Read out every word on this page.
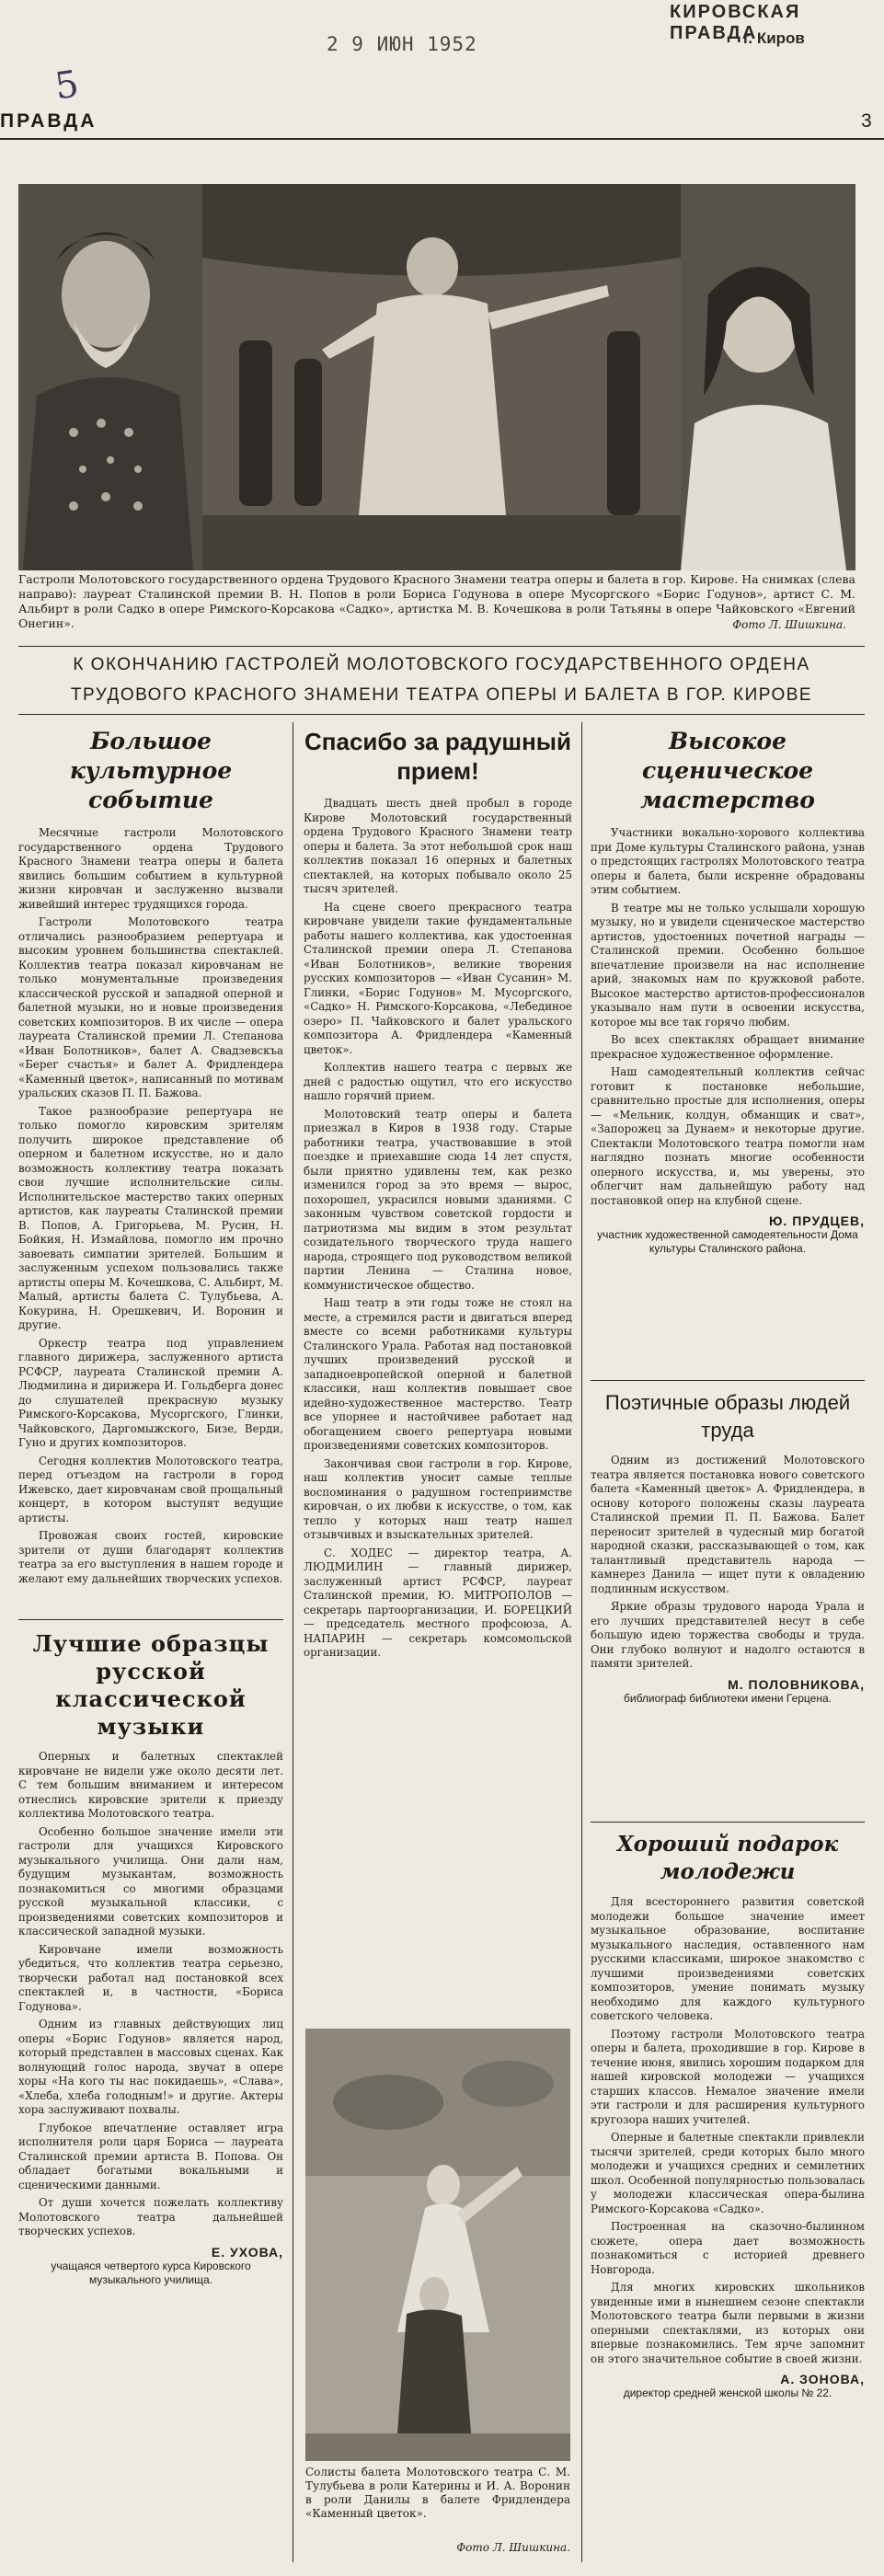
2 9 ИЮН 1952
КИРОВСКАЯ ПРАВДА
г. Киров
5
ПРАВДА	3
Гастроли Молотовского государственного ордена Трудового Красного Знамени театра оперы и балета в гор. Кирове. На снимках (слева направо): лауреат Сталинской премии В. Н. Попов в роли Бориса Годунова в опере Мусоргского «Борис Годунов», артист С. М. Альбирт в роли Садко в опере Римского-Корсакова «Садко», артистка М. В. Кочешкова в роли Татьяны в опере Чайковского «Евгений Онегин».	Фото Л. Шишкина.
К ОКОНЧАНИЮ ГАСТРОЛЕЙ МОЛОТОВСКОГО ГОСУДАРСТВЕННОГО ОРДЕНА
ТРУДОВОГО КРАСНОГО ЗНАМЕНИ ТЕАТРА ОПЕРЫ И БАЛЕТА В ГОР. КИРОВЕ
Большое культурное событие

Месячные гастроли Молотовского государственного ордена Трудового Красного Знамени театра оперы и балета явились большим событием в культурной жизни кировчан и заслуженно вызвали живейший интерес трудящихся города.

Гастроли Молотовского театра отличались разнообразием репертуара и высоким уровнем большинства спектаклей. Коллектив театра показал кировчанам не только монументальные произведения классической русской и западной оперной и балетной музыки, но и новые произведения советских композиторов. В их числе — опера лауреата Сталинской премии Л. Степанова «Иван Болотников», балет А. Свадзевскъа «Берег счастья» и балет А. Фридлендера «Каменный цветок», написанный по мотивам уральских сказов П. П. Бажова.

Такое разнообразие репертуара не только помогло кировским зрителям получить широкое представление об оперном и балетном искусстве, но и дало возможность коллективу театра показать свои лучшие исполнительские силы. Исполнительское мастерство таких оперных артистов, как лауреаты Сталинской премии В. Попов, А. Григорьева, М. Русин, Н. Бойкия, Н. Измайлова, помогло им прочно завоевать симпатии зрителей. Большим и заслуженным успехом пользовались также артисты оперы М. Кочешкова, С. Альбирт, М. Малый, артисты балета С. Тулубьева, А. Кокурина, Н. Орешкевич, И. Воронин и другие.

Оркестр театра под управлением главного дирижера, заслуженного артиста РСФСР, лауреата Сталинской премии А. Людмилина и дирижера И. Гольдберга донес до слушателей прекрасную музыку Римского-Корсакова, Мусоргского, Глинки, Чайковского, Даргомыжского, Бизе, Верди, Гуно и других композиторов.

Сегодня коллектив Молотовского театра, перед отъездом на гастроли в город Ижевско, дает кировчанам свой прощальный концерт, в котором выступят ведущие артисты.

Провожая своих гостей, кировские зрители от души благодарят коллектив театра за его выступления в нашем городе и желают ему дальнейших творческих успехов.

Лучшие образцы русской классической музыки

Оперных и балетных спектаклей кировчане не видели уже около десяти лет. С тем большим вниманием и интересом отнеслись кировские зрители к приезду коллектива Молотовского театра.

Особенно большое значение имели эти гастроли для учащихся Кировского музыкального училища. Они дали нам, будущим музыкантам, возможность познакомиться со многими образцами русской музыкальной классики, с произведениями советских композиторов и классической западной музыки.

Кировчане имели возможность убедиться, что коллектив театра серьезно, творчески работал над постановкой всех спектаклей и, в частности, «Бориса Годунова».

Одним из главных действующих лиц оперы «Борис Годунов» является народ, который представлен в массовых сценах. Как волнующий голос народа, звучат в опере хоры «На кого ты нас покидаешь», «Слава», «Хлеба, хлеба голодным!» и другие. Актеры хора заслуживают похвалы.

Глубокое впечатление оставляет игра исполнителя роли царя Бориса — лауреата Сталинской премии артиста В. Попова. Он обладает богатыми вокальными и сценическими данными.

От души хочется пожелать коллективу Молотовского театра дальнейшей творческих успехов.

Е. УХОВА,
учащаяся четвертого курса Кировского музыкального училища.
Спасибо за радушный прием!

Двадцать шесть дней пробыл в городе Кирове Молотовский государственный ордена Трудового Красного Знамени театр оперы и балета. За этот небольшой срок наш коллектив показал 16 оперных и балетных спектаклей, на которых побывало около 25 тысяч зрителей.

На сцене своего прекрасного театра кировчане увидели такие фундаментальные работы нашего коллектива, как удостоенная Сталинской премии опера Л. Степанова «Иван Болотников», великие творения русских композиторов — «Иван Сусанин» М. Глинки, «Борис Годунов» М. Мусоргского, «Садко» Н. Римского-Корсакова, «Лебединое озеро» П. Чайковского и балет уральского композитора А. Фридлендера «Каменный цветок».

Коллектив нашего театра с первых же дней с радостью ощутил, что его искусство нашло горячий прием.

Молотовский театр оперы и балета приезжал в Киров в 1938 году. Старые работники театра, участвовавшие в этой поездке и приехавшие сюда 14 лет спустя, были приятно удивлены тем, как резко изменился город за это время — вырос, похорошел, украсился новыми зданиями. С законным чувством советской гордости и патриотизма мы видим в этом результат созидательного творческого труда нашего народа, строящего под руководством великой партии Ленина — Сталина новое, коммунистическое общество.

Наш театр в эти годы тоже не стоял на месте, а стремился расти и двигаться вперед вместе со всеми работниками культуры Сталинского Урала. Работая над постановкой лучших произведений русской и западноевропейской оперной и балетной классики, наш коллектив повышает свое идейно-художественное мастерство. Театр все упорнее и настойчивее работает над обогащением своего репертуара новыми произведениями советских композиторов.

Закончивая свои гастроли в гор. Кирове, наш коллектив уносит самые теплые воспоминания о радушном гостеприимстве кировчан, о их любви к искусстве, о том, как тепло у которых наш театр нашел отзывчивых и взыскательных зрителей.

С. ХОДЕС — директор театра, А. ЛЮДМИЛИН — главный дирижер, заслуженный артист РСФСР, лауреат Сталинской премии, Ю. МИТРОПОЛОВ — секретарь партоорганизации, И. БОРЕЦКИЙ — председатель местного профсоюза, А. НАПАРИН — секретарь комсомольской организации.

Солисты балета Молотовского театра С. М. Тулубьева в роли Катерины и И. А. Воронин в роли Данилы в балете Фридлендера «Каменный цветок».
Фото Л. Шишкина.
Высокое сценическое мастерство

Участники вокально-хорового коллектива при Доме культуры Сталинского района, узнав о предстоящих гастролях Молотовского театра оперы и балета, были искренне обрадованы этим событием.

В театре мы не только услышали хорошую музыку, но и увидели сценическое мастерство артистов, удостоенных почетной награды — Сталинской премии. Особенно большое впечатление произвели на нас исполнение арий, знакомых нам по кружковой работе. Высокое мастерство артистов-профессионалов указывало нам пути в освоении искусства, которое мы все так горячо любим.

Во всех спектаклях обращает внимание прекрасное художественное оформление.

Наш самодеятельный коллектив сейчас готовит к постановке небольшие, сравнительно простые для исполнения, оперы — «Мельник, колдун, обманщик и сват», «Запорожец за Дунаем» и некоторые другие. Спектакли Молотовского театра помогли нам наглядно познать многие особенности оперного искусства, и, мы уверены, это облегчит нам дальнейшую работу над постановкой опер на клубной сцене.

Ю. ПРУДЦЕВ,
участник художественной самодеятельности Дома культуры Сталинского района.
Поэтичные образы людей труда

Одним из достижений Молотовского театра является постановка нового советского балета «Каменный цветок» А. Фридлендера, в основу которого положены сказы лауреата Сталинской премии П. П. Бажова. Балет переносит зрителей в чудесный мир богатой народной сказки, рассказывающей о том, как талантливый представитель народа — камнерез Данила — ищет пути к овладению подлинным искусством.

Яркие образы трудового народа Урала и его лучших представителей несут в себе большую идею торжества свободы и труда. Они глубоко волнуют и надолго остаются в памяти зрителей.

М. ПОЛОВНИКОВА,
библиограф библиотеки имени Герцена.
Хороший подарок молодежи

Для всестороннего развития советской молодежи большое значение имеет музыкальное образование, воспитание музыкального наследия, оставленного нам русскими классиками, широкое знакомство с лучшими произведениями советских композиторов, умение понимать музыку необходимо для каждого культурного советского человека.

Поэтому гастроли Молотовского театра оперы и балета, проходившие в гор. Кирове в течение июня, явились хорошим подарком для нашей кировской молодежи — учащихся старших классов. Немалое значение имели эти гастроли и для расширения культурного кругозора наших учителей.

Оперные и балетные спектакли привлекли тысячи зрителей, среди которых было много молодежи и учащихся средних и семилетних школ. Особенной популярностью пользовалась у молодежи классическая опера-былина Римского-Корсакова «Садко».

Построенная на сказочно-былинном сюжете, опера дает возможность познакомиться с историей древнего Новгорода.

Для многих кировских школьников увиденные ими в нынешнем сезоне спектакли Молотовского театра были первыми в жизни оперными спектаклями, из которых они впервые познакомились. Тем ярче запомнит он этого значительное событие в своей жизни.

А. ЗОНОВА,
директор средней женской школы № 22.
